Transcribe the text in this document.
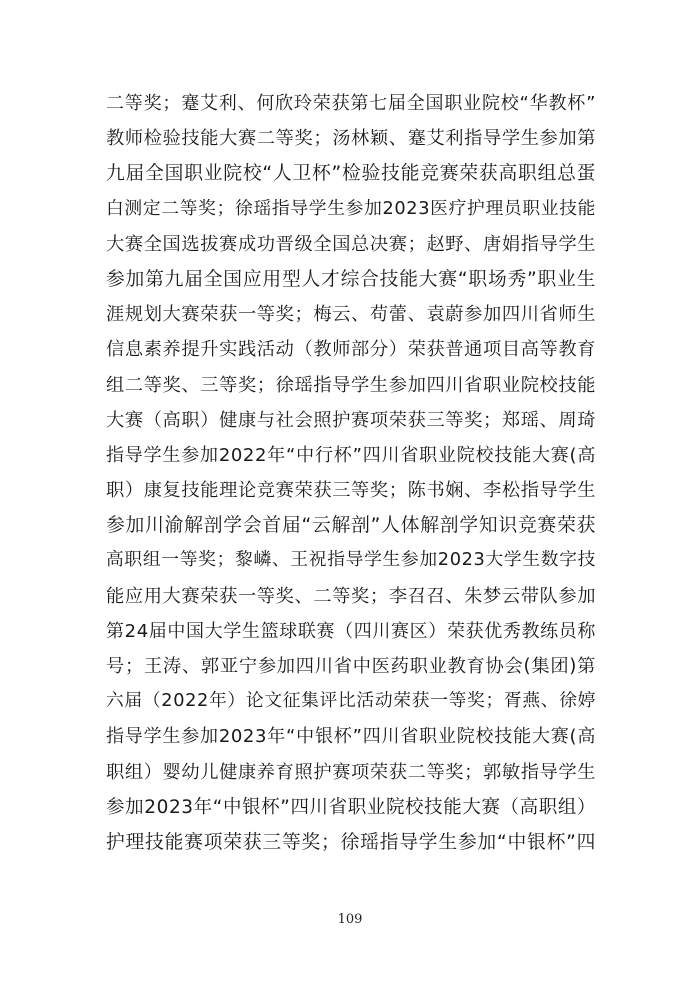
二等奖；蹇艾利、何欣玲荣获第七届全国职业院校“华教杯”
教师检验技能大赛二等奖；汤林颖、蹇艾利指导学生参加第
九届全国职业院校“人卫杯”检验技能竞赛荣获高职组总蛋
白测定二等奖；徐瑶指导学生参加2023医疗护理员职业技能
大赛全国选拔赛成功晋级全国总决赛；赵野、唐娟指导学生
参加第九届全国应用型人才综合技能大赛“职场秀”职业生
涯规划大赛荣获一等奖；梅云、苟蕾、袁蔚参加四川省师生
信息素养提升实践活动（教师部分）荣获普通项目高等教育
组二等奖、三等奖；徐瑶指导学生参加四川省职业院校技能
大赛（高职）健康与社会照护赛项荣获三等奖；郑瑶、周琦
指导学生参加2022年“中行杯”四川省职业院校技能大赛(高
职）康复技能理论竞赛荣获三等奖；陈书娴、李松指导学生
参加川渝解剖学会首届“云解剖”人体解剖学知识竞赛荣获
高职组一等奖；黎嶙、王祝指导学生参加2023大学生数字技
能应用大赛荣获一等奖、二等奖；李召召、朱梦云带队参加
第24届中国大学生篮球联赛（四川赛区）荣获优秀教练员称
号；王涛、郭亚宁参加四川省中医药职业教育协会(集团)第
六届（2022年）论文征集评比活动荣获一等奖；胥燕、徐婷
指导学生参加2023年“中银杯”四川省职业院校技能大赛(高
职组）婴幼儿健康养育照护赛项荣获二等奖；郭敏指导学生
参加2023年“中银杯”四川省职业院校技能大赛（高职组）
护理技能赛项荣获三等奖；徐瑶指导学生参加“中银杯”四
109
